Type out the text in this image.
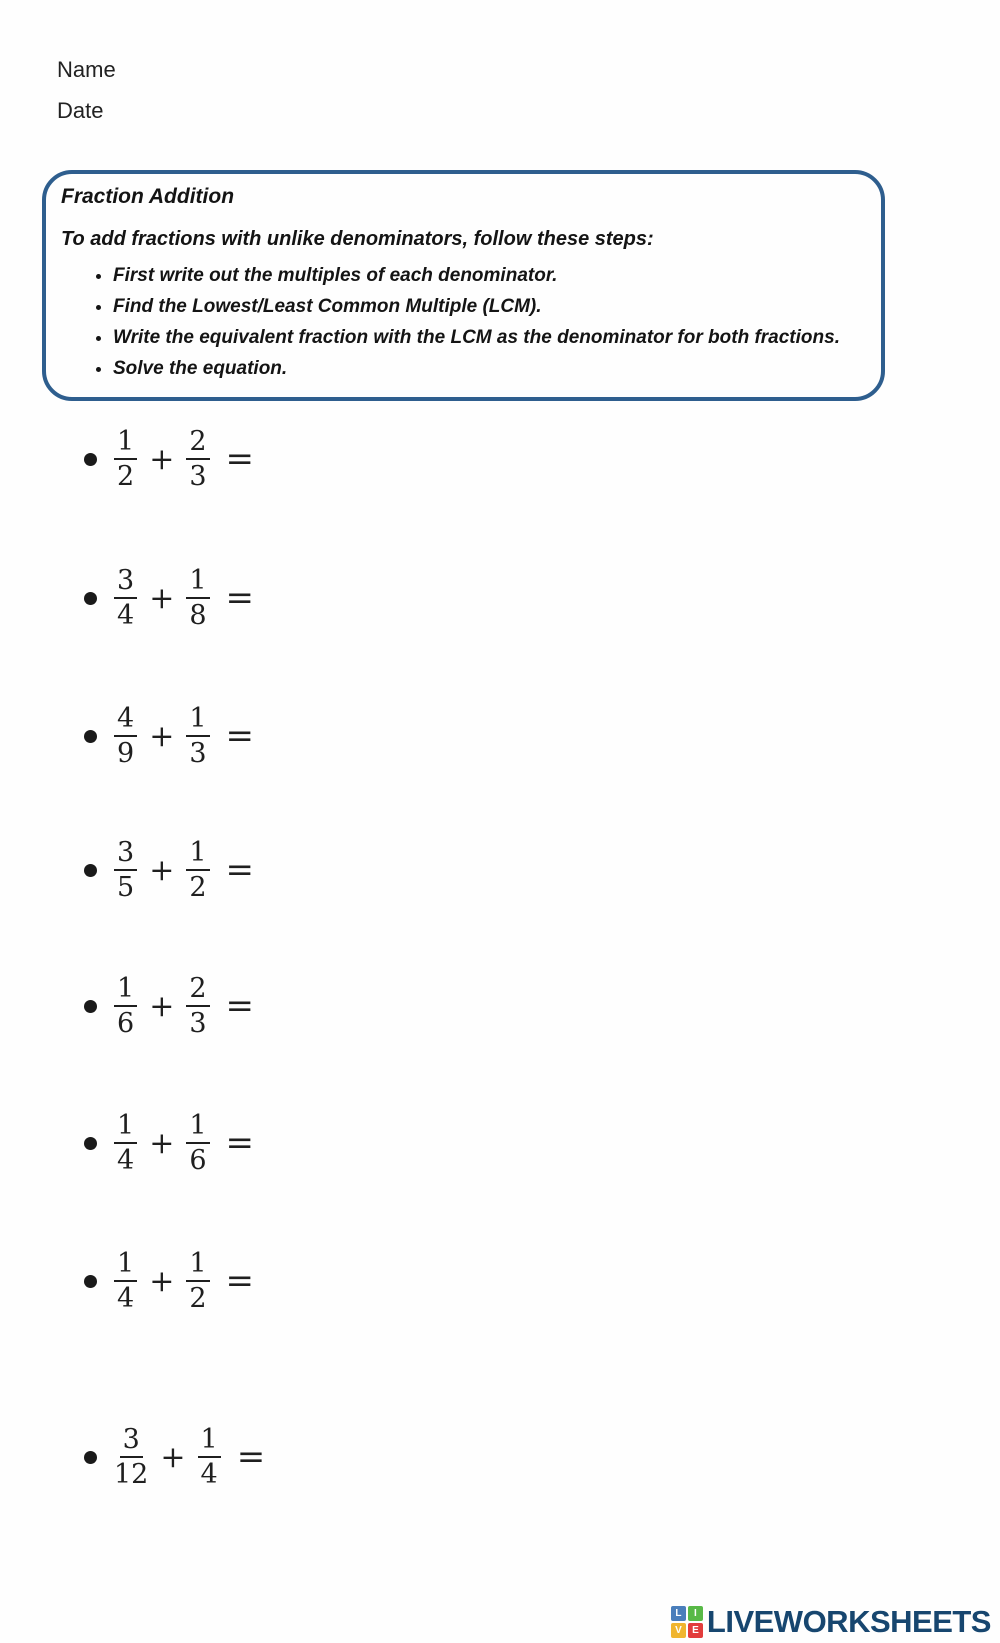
Name
Date
Fraction Addition
To add fractions with unlike denominators, follow these steps:
• First write out the multiples of each denominator.
• Find the Lowest/Least Common Multiple (LCM).
• Write the equivalent fraction with the LCM as the denominator for both fractions.
• Solve the equation.
$\frac{1}{2} + \frac{2}{3}$ =
$\frac{3}{4} + \frac{1}{8}$ =
$\frac{4}{9} + \frac{1}{3}$ =
$\frac{3}{5} + \frac{1}{2}$ =
$\frac{1}{6} + \frac{2}{3}$ =
$\frac{1}{4} + \frac{1}{6}$ =
$\frac{1}{4} + \frac{1}{2}$ =
$\frac{3}{12} + \frac{1}{4}$ =
L	I
V	E LIVEWORKSHEETS
